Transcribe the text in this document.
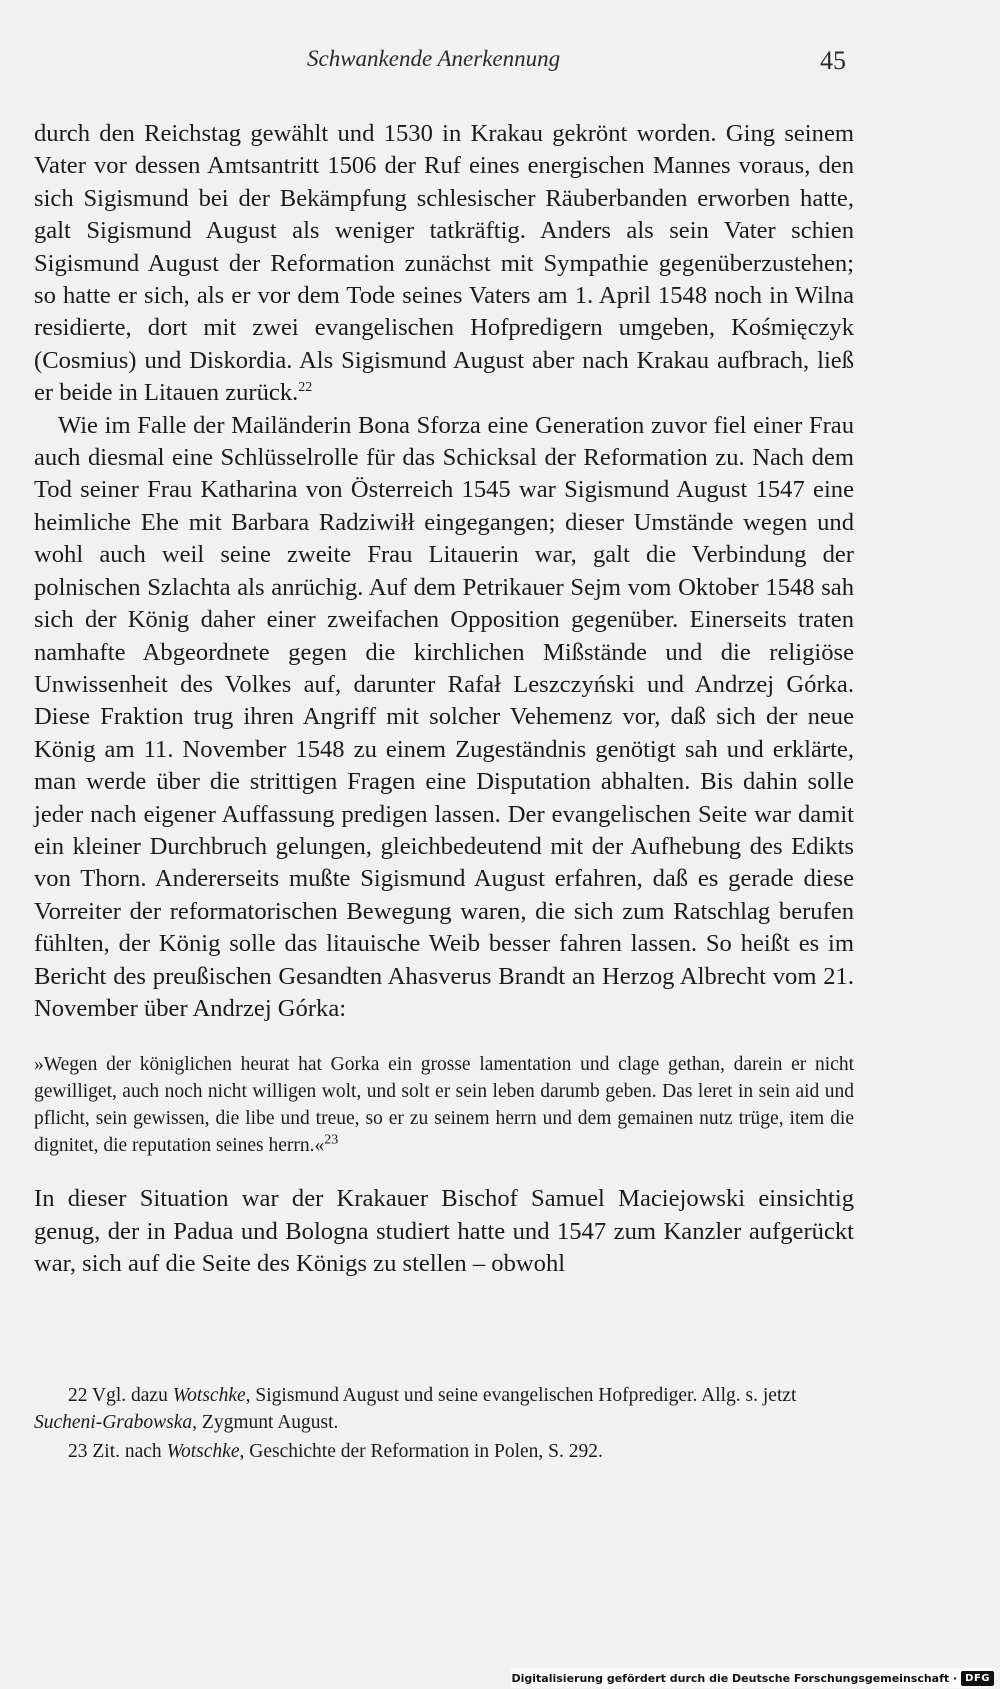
Schwankende Anerkennung	45

durch den Reichstag gewählt und 1530 in Krakau gekrönt worden. Ging seinem Vater vor dessen Amtsantritt 1506 der Ruf eines energischen Mannes voraus, den sich Sigismund bei der Bekämpfung schlesischer Räuberbanden erworben hatte, galt Sigismund August als weniger tatkräftig. Anders als sein Vater schien Sigismund August der Reformation zunächst mit Sympathie gegenüberzustehen; so hatte er sich, als er vor dem Tode seines Vaters am 1. April 1548 noch in Wilna residierte, dort mit zwei evangelischen Hofpredigern umgeben, Kośmięczyk (Cosmius) und Diskordia. Als Sigismund August aber nach Krakau aufbrach, ließ er beide in Litauen zurück.$^{22}$

Wie im Falle der Mailänderin Bona Sforza eine Generation zuvor fiel einer Frau auch diesmal eine Schlüsselrolle für das Schicksal der Reformation zu. Nach dem Tod seiner Frau Katharina von Österreich 1545 war Sigismund August 1547 eine heimliche Ehe mit Barbara Radziwiłł eingegangen; dieser Umstände wegen und wohl auch weil seine zweite Frau Litauerin war, galt die Verbindung der polnischen Szlachta als anrüchig. Auf dem Petrikauer Sejm vom Oktober 1548 sah sich der König daher einer zweifachen Opposition gegenüber. Einerseits traten namhafte Abgeordnete gegen die kirchlichen Mißstände und die religiöse Unwissenheit des Volkes auf, darunter Rafał Leszczyński und Andrzej Górka. Diese Fraktion trug ihren Angriff mit solcher Vehemenz vor, daß sich der neue König am 11. November 1548 zu einem Zugeständnis genötigt sah und erklärte, man werde über die strittigen Fragen eine Disputation abhalten. Bis dahin solle jeder nach eigener Auffassung predigen lassen. Der evangelischen Seite war damit ein kleiner Durchbruch gelungen, gleichbedeutend mit der Aufhebung des Edikts von Thorn. Andererseits mußte Sigismund August erfahren, daß es gerade diese Vorreiter der reformatorischen Bewegung waren, die sich zum Ratschlag berufen fühlten, der König solle das litauische Weib besser fahren lassen. So heißt es im Bericht des preußischen Gesandten Ahasverus Brandt an Herzog Albrecht vom 21. November über Andrzej Górka:

»Wegen der königlichen heurat hat Gorka ein grosse lamentation und clage gethan, darein er nicht gewilliget, auch noch nicht willigen wolt, und solt er sein leben darumb geben. Das leret in sein aid und pflicht, sein gewissen, die libe und treue, so er zu seinem herrn und dem gemainen nutz trüge, item die dignitet, die reputation seines herrn.«$^{23}$

In dieser Situation war der Krakauer Bischof Samuel Maciejowski einsichtig genug, der in Padua und Bologna studiert hatte und 1547 zum Kanzler aufgerückt war, sich auf die Seite des Königs zu stellen – obwohl

22 Vgl. dazu Wotschke, Sigismund August und seine evangelischen Hofprediger. Allg. s. jetzt Sucheni-Grabowska, Zygmunt August.

23 Zit. nach Wotschke, Geschichte der Reformation in Polen, S. 292.

Digitalisierung gefördert durch die Deutsche Forschungsgemeinschaft · DFG
